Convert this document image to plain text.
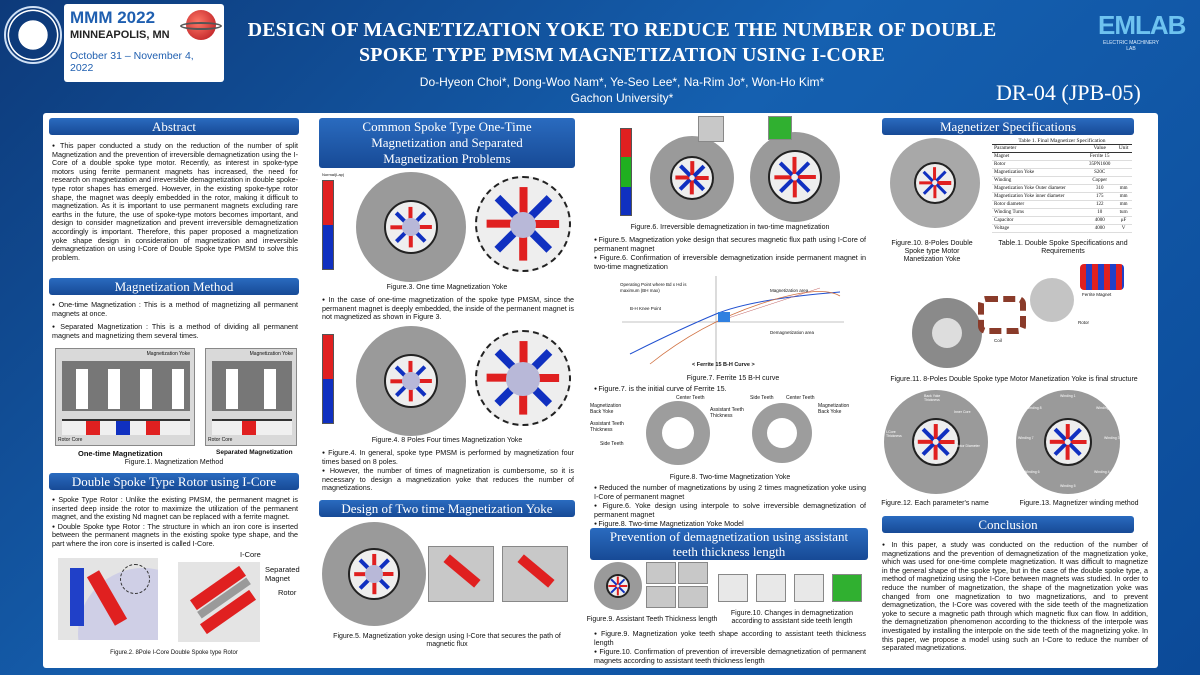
MMM 2022
MINNEAPOLIS, MN
October 31 – November 4, 2022
DESIGN OF MAGNETIZATION YOKE TO REDUCE THE NUMBER OF DOUBLE SPOKE TYPE PMSM MAGNETIZATION USING I-CORE
Do-Hyeon Choi*, Dong-Woo Nam*, Ye-Seo Lee*, Na-Rim Jo*, Won-Ho Kim*
Gachon University*
EMLAB
ELECTRIC MACHINERY LAB
DR-04 (JPB-05)
Abstract
● This paper conducted a study on the reduction of the number of split Magnetization and the prevention of irreversible demagnetization using the I-Core of a double spoke type motor. Recently, as interest in spoke-type motors using ferrite permanent magnets has increased, the need for research on magnetization and irreversible demagnetization in double spoke-type rotor shapes has emerged. However, in the existing spoke-type rotor shape, the magnet was deeply embedded in the rotor, making it difficult to magnetization. As it is important to use permanent magnets excluding rare earths in the future, the use of spoke-type motors becomes important, and design to consider magnetization and prevent irreversible demagnetization accordingly is important. Therefore, this paper proposed a magnetization yoke shape design in consideration of magnetization and irreversible demagnetization on using I-Core of Double Spoke type PMSM to solve this problem.
Magnetization Method

● One-time Magnetization : This is a method of magnetizing all permanent magnets at once.

● Separated Magnetization : This is a method of dividing all permanent magnets and magnetizing them several times.

Magnetization Yoke
Rotor Core
One-time Magnetization
Magnetization Yoke
Rotor Core
Separated Magnetization
Figure.1. Magnetization Method
Double Spoke Type Rotor using I-Core

● Spoke Type Rotor : Unlike the existing PMSM, the permanent magnet is inserted deep inside the rotor to maximize the utilization of the permanent magnet, and the existing Nd magnet can be replaced with a ferrite magnet.

● Double Spoke type Rotor : The structure in which an iron core is inserted between the permanent magnets in the existing spoke type shape, and the part where the iron core is inserted is called I-Core.

I-Core
Separated Magnet
Rotor
Figure.2. 8Pole I-Core Double Spoke type Rotor
Common Spoke Type One-Time Magnetization and Separated Magnetization Problems
Normal(Lap)
Figure.3. One time Magnetization Yoke
● In the case of one-time magnetization of the spoke type PMSM, since the permanent magnet is deeply embedded, the inside of the permanent magnet is not magnetized as shown in Figure 3.
Figure.4. 8 Poles Four times Magnetization Yoke

● Figure.4. In general, spoke type PMSM is performed by magnetization four times based on 8 poles.

● However, the number of times of magnetization is cumbersome, so it is necessary to design a magnetization yoke that reduces the number of magnetizations.

Design of Two time Magnetization Yoke
Figure.5. Magnetization yoke design using I-Core that secures the path of magnetic flux
Figure.6. Irreversible demagnetization in two-time magnetization

● Figure.5. Magnetization yoke design that secures magnetic flux path using I-Core of permanent magnet

● Figure.6. Confirmation of irreversible demagnetization inside permanent magnet in two-time magnetization

Operating Point where Bd x Hd is maximum (BH max)
B-H Knee Point
Magnetization area
Demagnetization area
< Ferrite 15 B-H Curve >
Figure.7. Ferrite 15 B-H curve
● Figure.7. is the initial curve of Ferrite 15.
Magnetization Back Yoke
Center Teeth
Assistant Teeth Thickness
Side Teeth
Assistant Teeth Thickness
Side Teeth Center Teeth
Magnetization Back Yoke
Figure.8. Two-time Magnetization Yoke

● Reduced the number of magnetizations by using 2 times magnetization yoke using I-Core of permanent magnet

● Figure.6. Yoke design using interpole to solve irreversible demagnetization of permanent magnet

● Figure.8. Two-time Magnetization Yoke Model

Prevention of demagnetization using assistant teeth thickness length
Figure.9. Assistant Teeth Thickness length
Figure.10. Changes in demagnetization according to assistant side teeth length

● Figure.9. Magnetization yoke teeth shape according to assistant teeth thickness length

● Figure.10. Confirmation of prevention of irreversible demagnetization of permanent magnets according to assistant teeth thickness length

Magnetizer Specifications
Table 1. Final Magnetizer Specification
Parameter	Value	Unit
Magnet	Ferrite 15	
Rotor	35PN1600	
Magnetization Yoke	S20C	
Winding	Copper	
Magnetization Yoke Outer diameter	310	mm
Magnetization Yoke inner diameter	175	mm
Rotor diameter	122	mm
Winding Turns	10	turn
Capacitor	4000	μF
Voltage	4000	V
Figure.10. 8-Poles Double Spoke type Motor Manetization Yoke
Table.1. Double Spoke Specifications and Requirements
Coil
Rotor
Ferrite Magnet
Figure.11. 8-Poles Double Spoke type Motor Manetization Yoke is final structure
Back Yoke Thickness
Inner Core
I-Core Thickness
Rotor Diameter
Winding 1
Winding 2
Winding 3
Winding 4
Winding 5
Winding 6
Winding 7
Winding 8
Figure.12. Each parameter's name	Figure.13. Magnetizer winding method
Conclusion
● In this paper, a study was conducted on the reduction of the number of magnetizations and the prevention of demagnetization of the magnetization yoke, which was used for one-time complete magnetization. It was difficult to magnetize in the general shape of the spoke type, but in the case of the double spoke type, a method of magnetizing using the I-Core between magnets was studied. In order to reduce the number of magnetization, the shape of the magnetization yoke was changed from one magnetization to two magnetizations, and to prevent demagnetization, the I-Core was covered with the side teeth of the magnetization yoke to secure a magnetic path through which magnetic flux can flow. In addition, the demagnetization phenomenon according to the thickness of the interpole was investigated by installing the interpole on the side teeth of the magnetizing yoke. In this paper, we propose a model using such an I-Core to reduce the number of separated magnetizations.
